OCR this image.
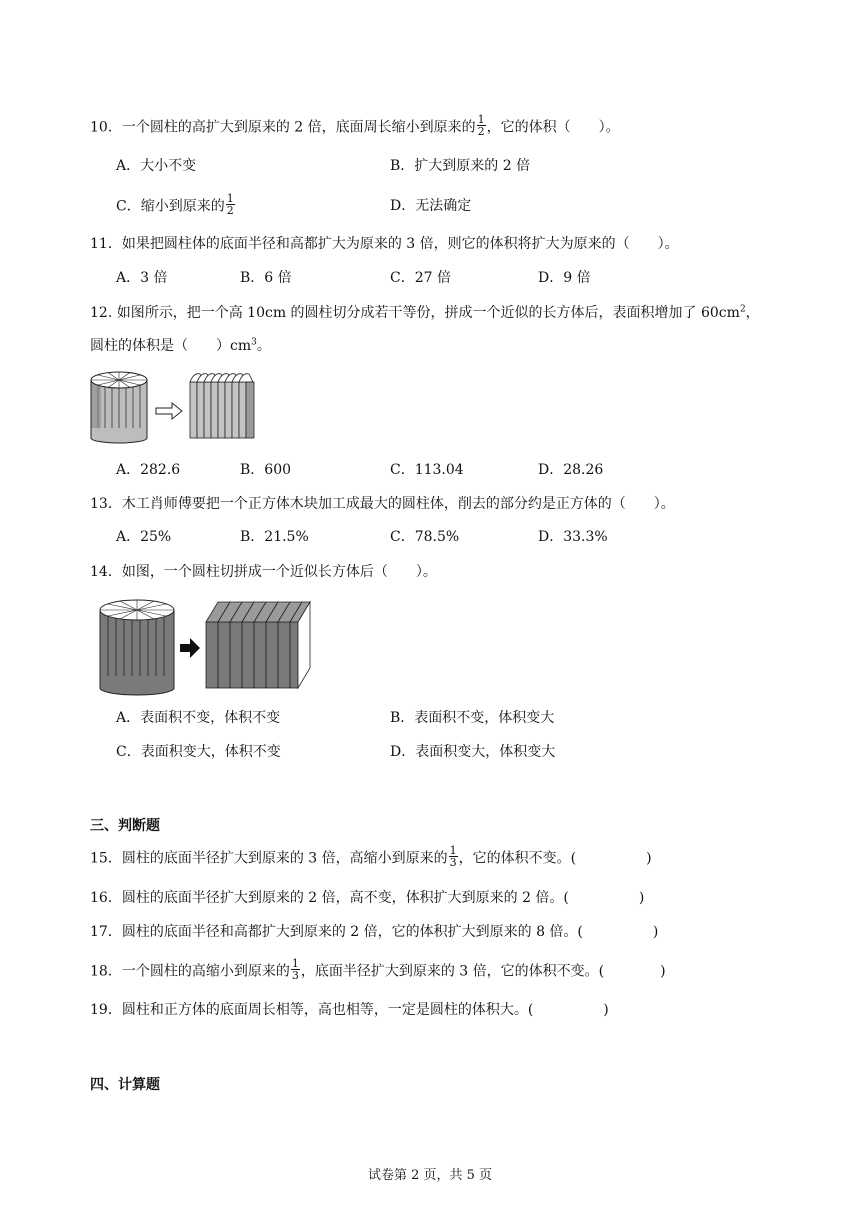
10．一个圆柱的高扩大到原来的 2 倍，底面周长缩小到原来的 $\frac{1}{2}$ ，它的体积（　　）。
A．大小不变	B．扩大到原来的 2 倍
C．缩小到原来的 $\frac{1}{2}$	D．无法确定
11．如果把圆柱体的底面半径和高都扩大为原来的 3 倍，则它的体积将扩大为原来的（　　）。
A．3 倍	B．6 倍	C．27 倍	D．9 倍
12. 如图所示，把一个高 10cm 的圆柱切分成若干等份，拼成一个近似的长方体后，表面积增加了 $60cm^2$，
圆柱的体积是（　　）$cm^3$。
A．282.6	B．600	C．113.04	D．28.26
13．木工肖师傅要把一个正方体木块加工成最大的圆柱体，削去的部分约是正方体的（　　）。
A．25%	B．21.5%	C．78.5%	D．33.3%
14．如图，一个圆柱切拼成一个近似长方体后（　　）。
A．表面积不变，体积不变	B．表面积不变，体积变大
C．表面积变大，体积不变	D．表面积变大，体积变大
三、判断题
15．圆柱的底面半径扩大到原来的 3 倍，高缩小到原来的 $\frac{1}{3}$ ，它的体积不变。(　　　　　)
16．圆柱的底面半径扩大到原来的 2 倍，高不变，体积扩大到原来的 2 倍。(　　　　　)
17．圆柱的底面半径和高都扩大到原来的 2 倍，它的体积扩大到原来的 8 倍。(　　　　　)
18．一个圆柱的高缩小到原来的 $\frac{1}{3}$ ，底面半径扩大到原来的 3 倍，它的体积不变。(　　　　)
19．圆柱和正方体的底面周长相等，高也相等，一定是圆柱的体积大。(　　　　　)
四、计算题
试卷第 2 页，共 5 页
